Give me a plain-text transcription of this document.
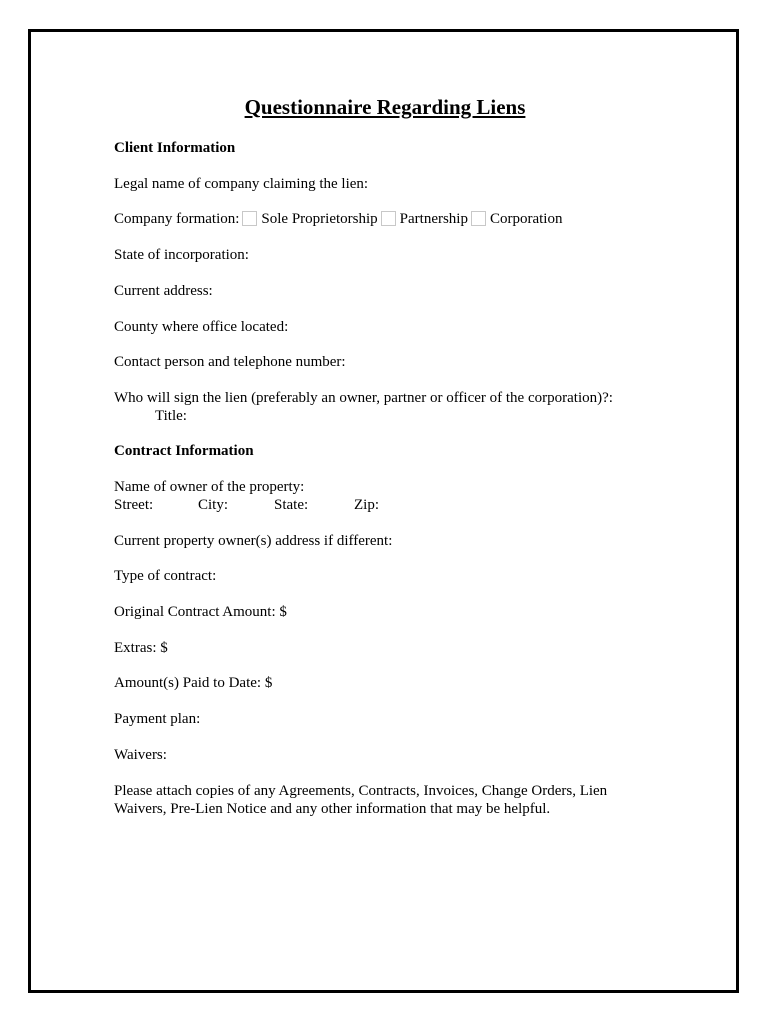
Questionnaire Regarding Liens
Client Information
Legal name of company claiming the lien:
Company formation: Sole Proprietorship Partnership Corporation
State of incorporation:
Current address:
County where office located:
Contact person and telephone number:
Who will sign the lien (preferably an owner, partner or officer of the corporation)?:
Title:
Contract Information
Name of owner of the property:
Street:	City:	State:	Zip:
Current property owner(s) address if different:
Type of contract:
Original Contract Amount: $
Extras: $
Amount(s) Paid to Date: $
Payment plan:
Waivers:
Please attach copies of any Agreements, Contracts, Invoices, Change Orders, Lien
Waivers, Pre-Lien Notice and any other information that may be helpful.
